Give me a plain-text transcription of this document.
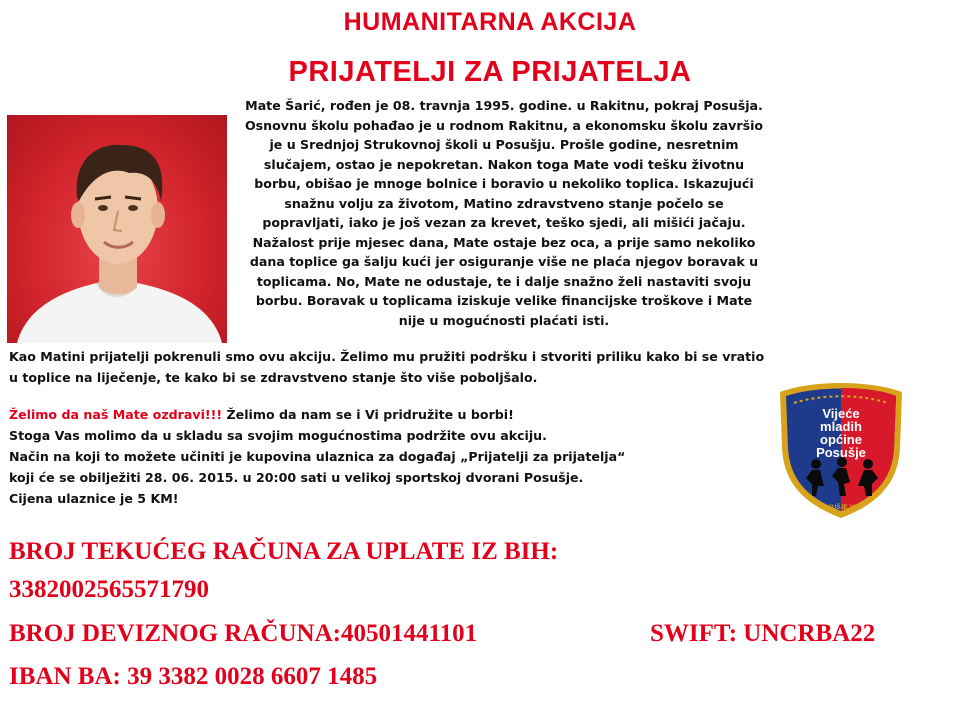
HUMANITARNA AKCIJA
PRIJATELJI ZA PRIJATELJA

Mate Šarić, rođen je 08. travnja 1995. godine. u Rakitnu, pokraj Posušja. Osnovnu školu pohađao je u rodnom Rakitnu, a ekonomsku školu završio je u Srednjoj Strukovnoj školi u Posušju. Prošle godine, nesretnim slučajem, ostao je nepokretan. Nakon toga Mate vodi tešku životnu borbu, obišao je mnoge bolnice i boravio u nekoliko toplica. Iskazujući snažnu volju za životom, Matino zdravstveno stanje počelo se popravljati, iako je još vezan za krevet, teško sjedi, ali mišići jačaju. Nažalost prije mjesec dana, Mate ostaje bez oca, a prije samo nekoliko dana toplice ga šalju kući jer osiguranje više ne plaća njegov boravak u toplicama. No, Mate ne odustaje, te i dalje snažno želi nastaviti svoju borbu. Boravak u toplicama iziskuje velike financijske troškove i Mate nije u mogućnosti plaćati isti.

Kao Matini prijatelji pokrenuli smo ovu akciju. Želimo mu pružiti podršku i stvoriti priliku kako bi se vratio u toplice na liječenje, te kako bi se zdravstveno stanje što više poboljšalo.

Želimo da naš Mate ozdravi!!! Želimo da nam se i Vi pridružite u borbi!
Stoga Vas molimo da u skladu sa svojim mogućnostima podržite ovu akciju.
Način na koji to možete učiniti je kupovina ulaznica za događaj „Prijatelji za prijatelja“
koji će se obilježiti 28. 06. 2015. u 20:00 sati u velikoj sportskoj dvorani Posušje.
Cijena ulaznice je 5 KM!

Vijeće
mladih
općine
Posušje
POSUŠJE 1998

BROJ TEKUĆEG RAČUNA ZA UPLATE IZ BIH:

3382002565571790

BROJ DEVIZNOG RAČUNA:40501441101	SWIFT: UNCRBA22

IBAN BA: 39 3382 0028 6607 1485
